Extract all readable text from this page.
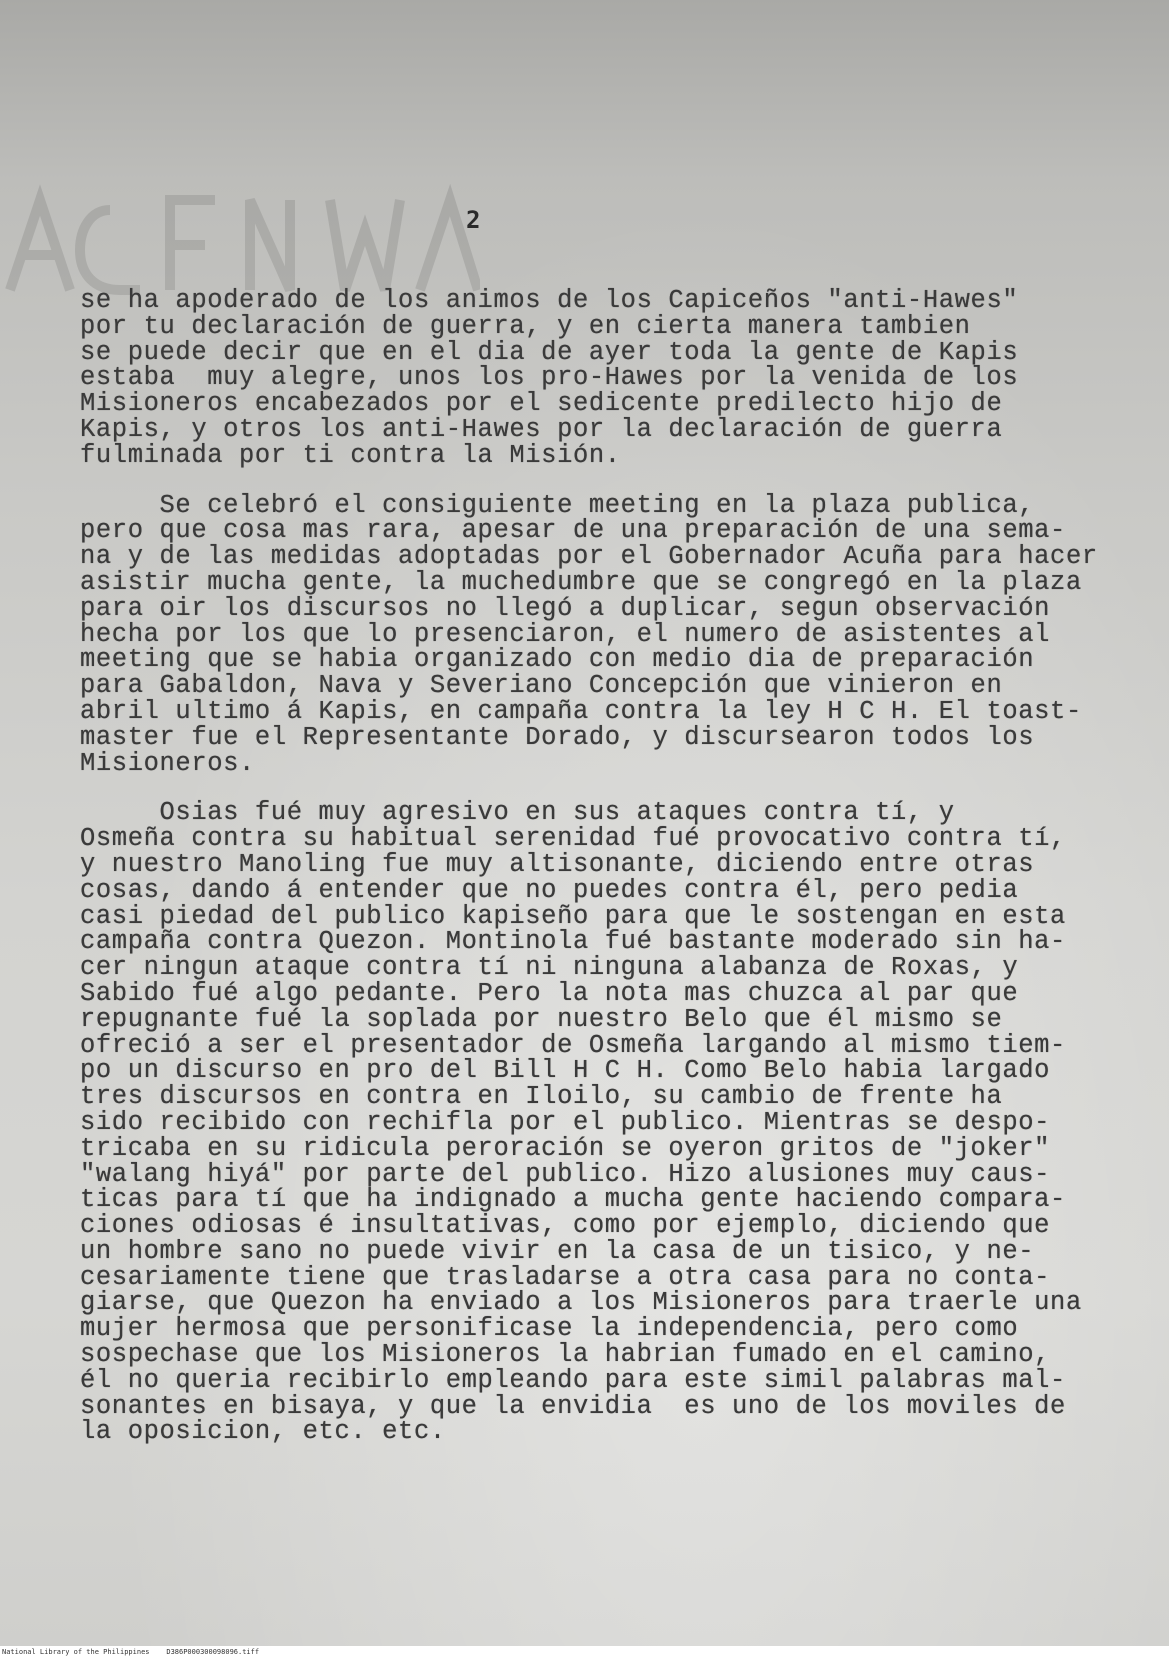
2
se ha apoderado de los animos de los Capiceños "anti-Hawes"
por tu declaración de guerra, y en cierta manera tambien
se puede decir que en el dia de ayer toda la gente de Kapis
estaba  muy alegre, unos los pro-Hawes por la venida de los
Misioneros encabezados por el sedicente predilecto hijo de
Kapis, y otros los anti-Hawes por la declaración de guerra
fulminada por ti contra la Misión.
Se celebró el consiguiente meeting en la plaza publica,
pero que cosa mas rara, apesar de una preparación de una sema-
na y de las medidas adoptadas por el Gobernador Acuña para hacer
asistir mucha gente, la muchedumbre que se congregó en la plaza
para oir los discursos no llegó a duplicar, segun observación
hecha por los que lo presenciaron, el numero de asistentes al
meeting que se habia organizado con medio dia de preparación
para Gabaldon, Nava y Severiano Concepción que vinieron en
abril ultimo á Kapis, en campaña contra la ley H C H. El toast-
master fue el Representante Dorado, y discursearon todos los
Misioneros.
Osias fué muy agresivo en sus ataques contra tí, y
Osmeña contra su habitual serenidad fué provocativo contra tí,
y nuestro Manoling fue muy altisonante, diciendo entre otras
cosas, dando á entender que no puedes contra él, pero pedia
casi piedad del publico kapiseño para que le sostengan en esta
campaña contra Quezon. Montinola fué bastante moderado sin ha-
cer ningun ataque contra tí ni ninguna alabanza de Roxas, y
Sabido fué algo pedante. Pero la nota mas chuzca al par que
repugnante fué la soplada por nuestro Belo que él mismo se
ofreció a ser el presentador de Osmeña largando al mismo tiem-
po un discurso en pro del Bill H C H. Como Belo habia largado
tres discursos en contra en Iloilo, su cambio de frente ha
sido recibido con rechifla por el publico. Mientras se despo-
tricaba en su ridicula peroración se oyeron gritos de "joker"
"walang hiyá" por parte del publico. Hizo alusiones muy caus-
ticas para tí que ha indignado a mucha gente haciendo compara-
ciones odiosas é insultativas, como por ejemplo, diciendo que
un hombre sano no puede vivir en la casa de un tisico, y ne-
cesariamente tiene que trasladarse a otra casa para no conta-
giarse, que Quezon ha enviado a los Misioneros para traerle una
mujer hermosa que personificase la independencia, pero como
sospechase que los Misioneros la habrian fumado en el camino,
él no queria recibirlo empleando para este simil palabras mal-
sonantes en bisaya, y que la envidia  es uno de los moviles de
la oposicion, etc. etc.
National Library of the Philippines    D386P000300098096.tiff
